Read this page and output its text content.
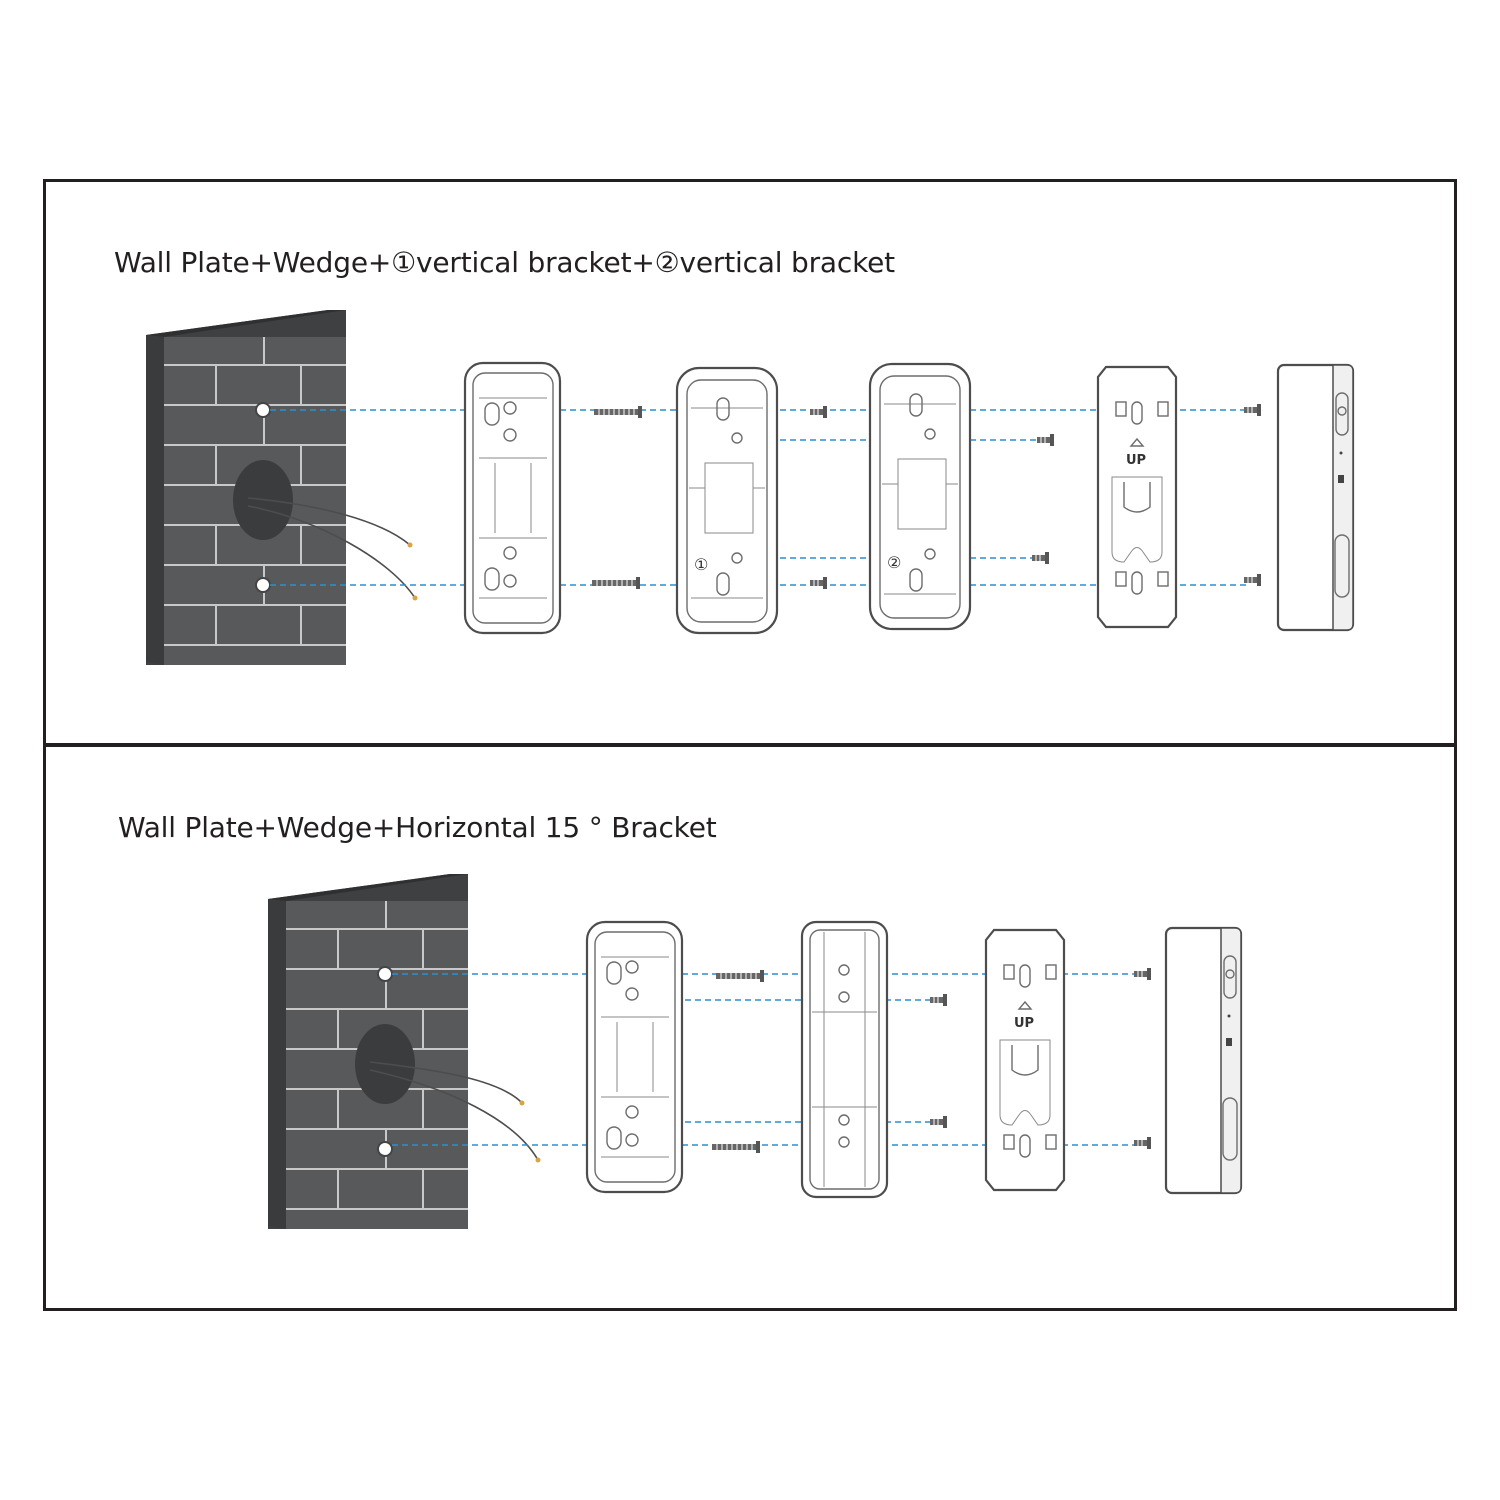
Wall Plate+Wedge+①vertical bracket+②vertical bracket
Wall Plate+Wedge+Horizontal 15 ° Bracket
①	②
UP
UP
